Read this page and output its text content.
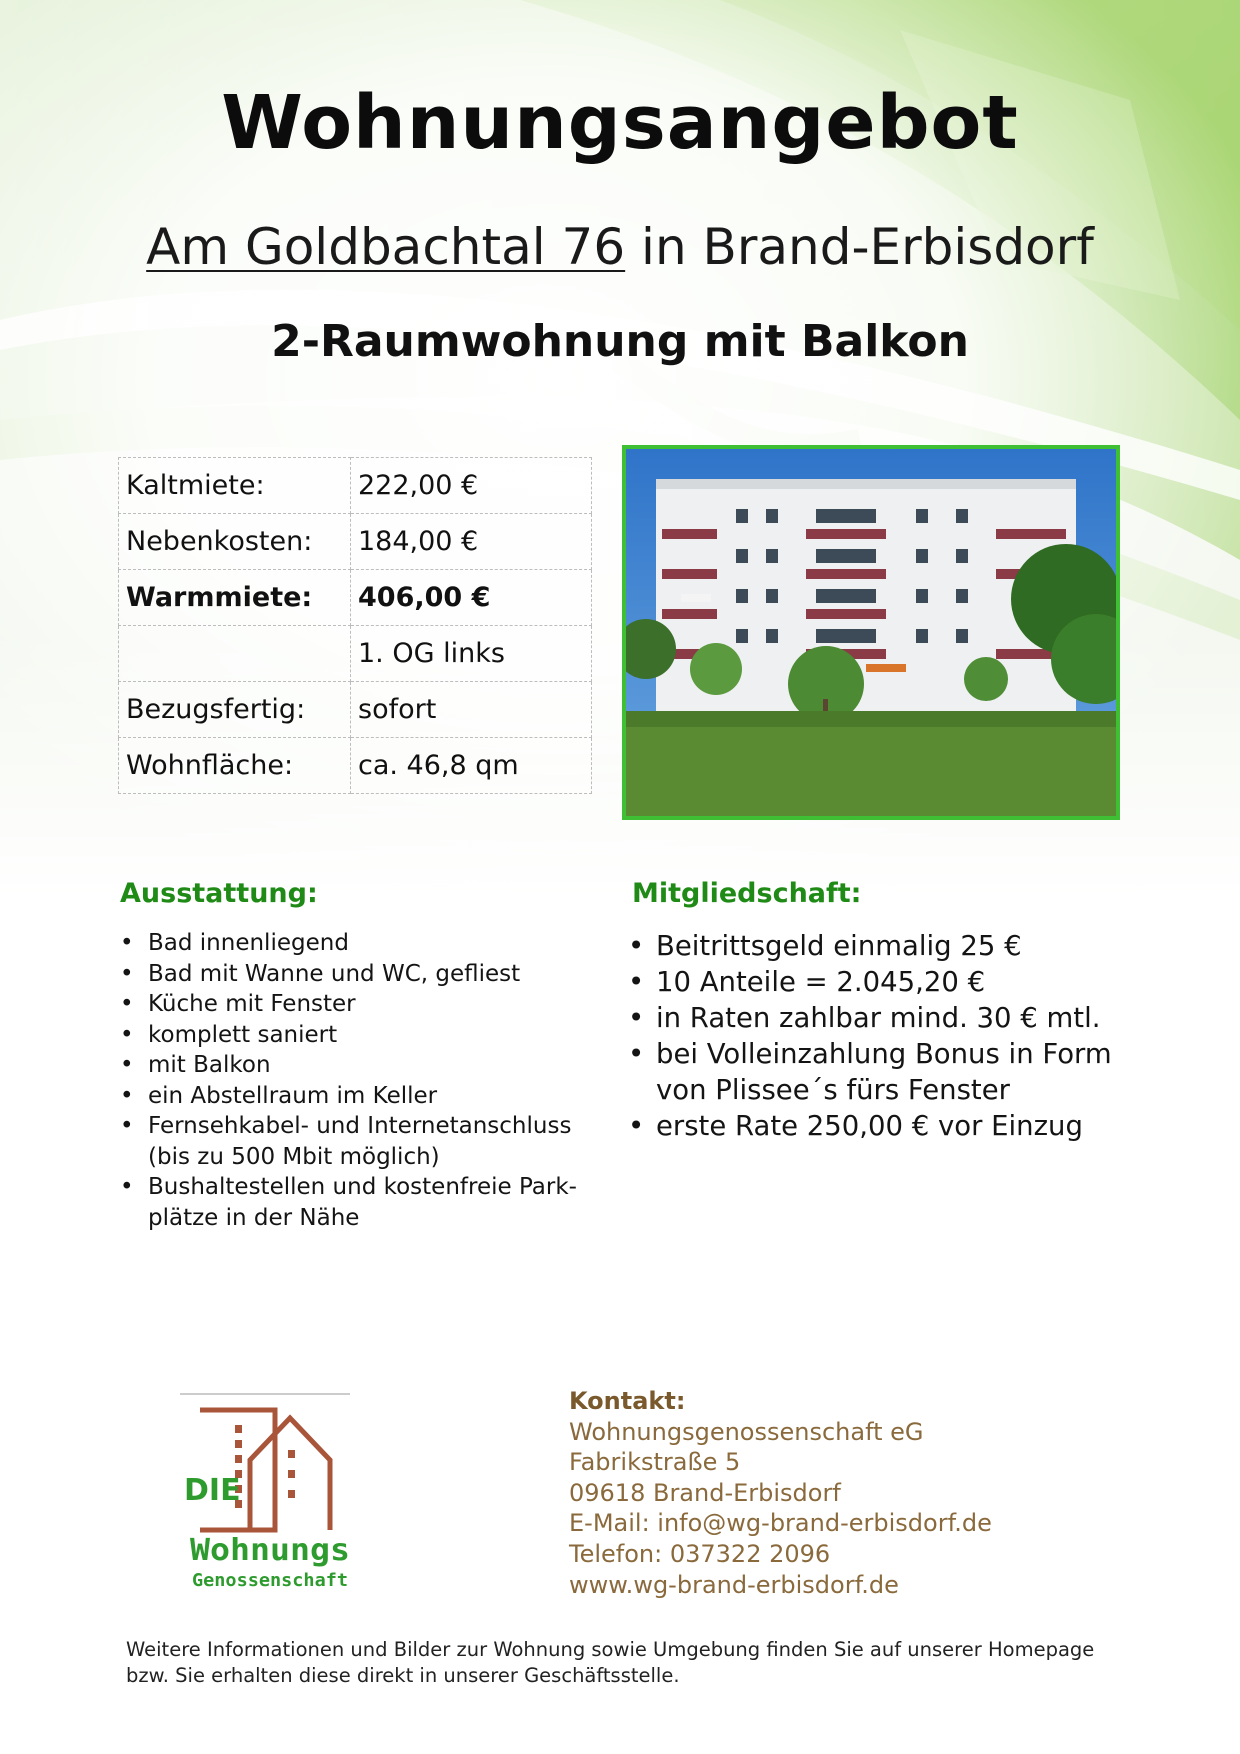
Wohnungsangebot
Am Goldbachtal 76 in Brand-Erbisdorf
2-Raumwohnung mit Balkon
Kaltmiete:	222,00 €
Nebenkosten:	184,00 €
Warmmiete:	406,00 €
	1. OG links
Bezugsfertig:	sofort
Wohnfläche:	ca. 46,8 qm
Ausstattung:
• Bad innenliegend
• Bad mit Wanne und WC, gefliest
• Küche mit Fenster
• komplett saniert
• mit Balkon
• ein Abstellraum im Keller
• Fernsehkabel- und Internetanschluss (bis zu 500 Mbit möglich)
• Bushaltestellen und kostenfreie Park-plätze in der Nähe
Mitgliedschaft:
• Beitrittsgeld einmalig 25 €
• 10 Anteile = 2.045,20 €
• in Raten zahlbar mind. 30 € mtl.
• bei Volleinzahlung Bonus in Form von Plissee´s fürs Fenster
• erste Rate 250,00 € vor Einzug
DIE
Wohnungs
Genossenschaft
Kontakt:
Wohnungsgenossenschaft eG
Fabrikstraße 5
09618 Brand-Erbisdorf
E-Mail: info@wg-brand-erbisdorf.de
Telefon: 037322 2096
www.wg-brand-erbisdorf.de
Weitere Informationen und Bilder zur Wohnung sowie Umgebung finden Sie auf unserer Homepage bzw. Sie erhalten diese direkt in unserer Geschäftsstelle.
